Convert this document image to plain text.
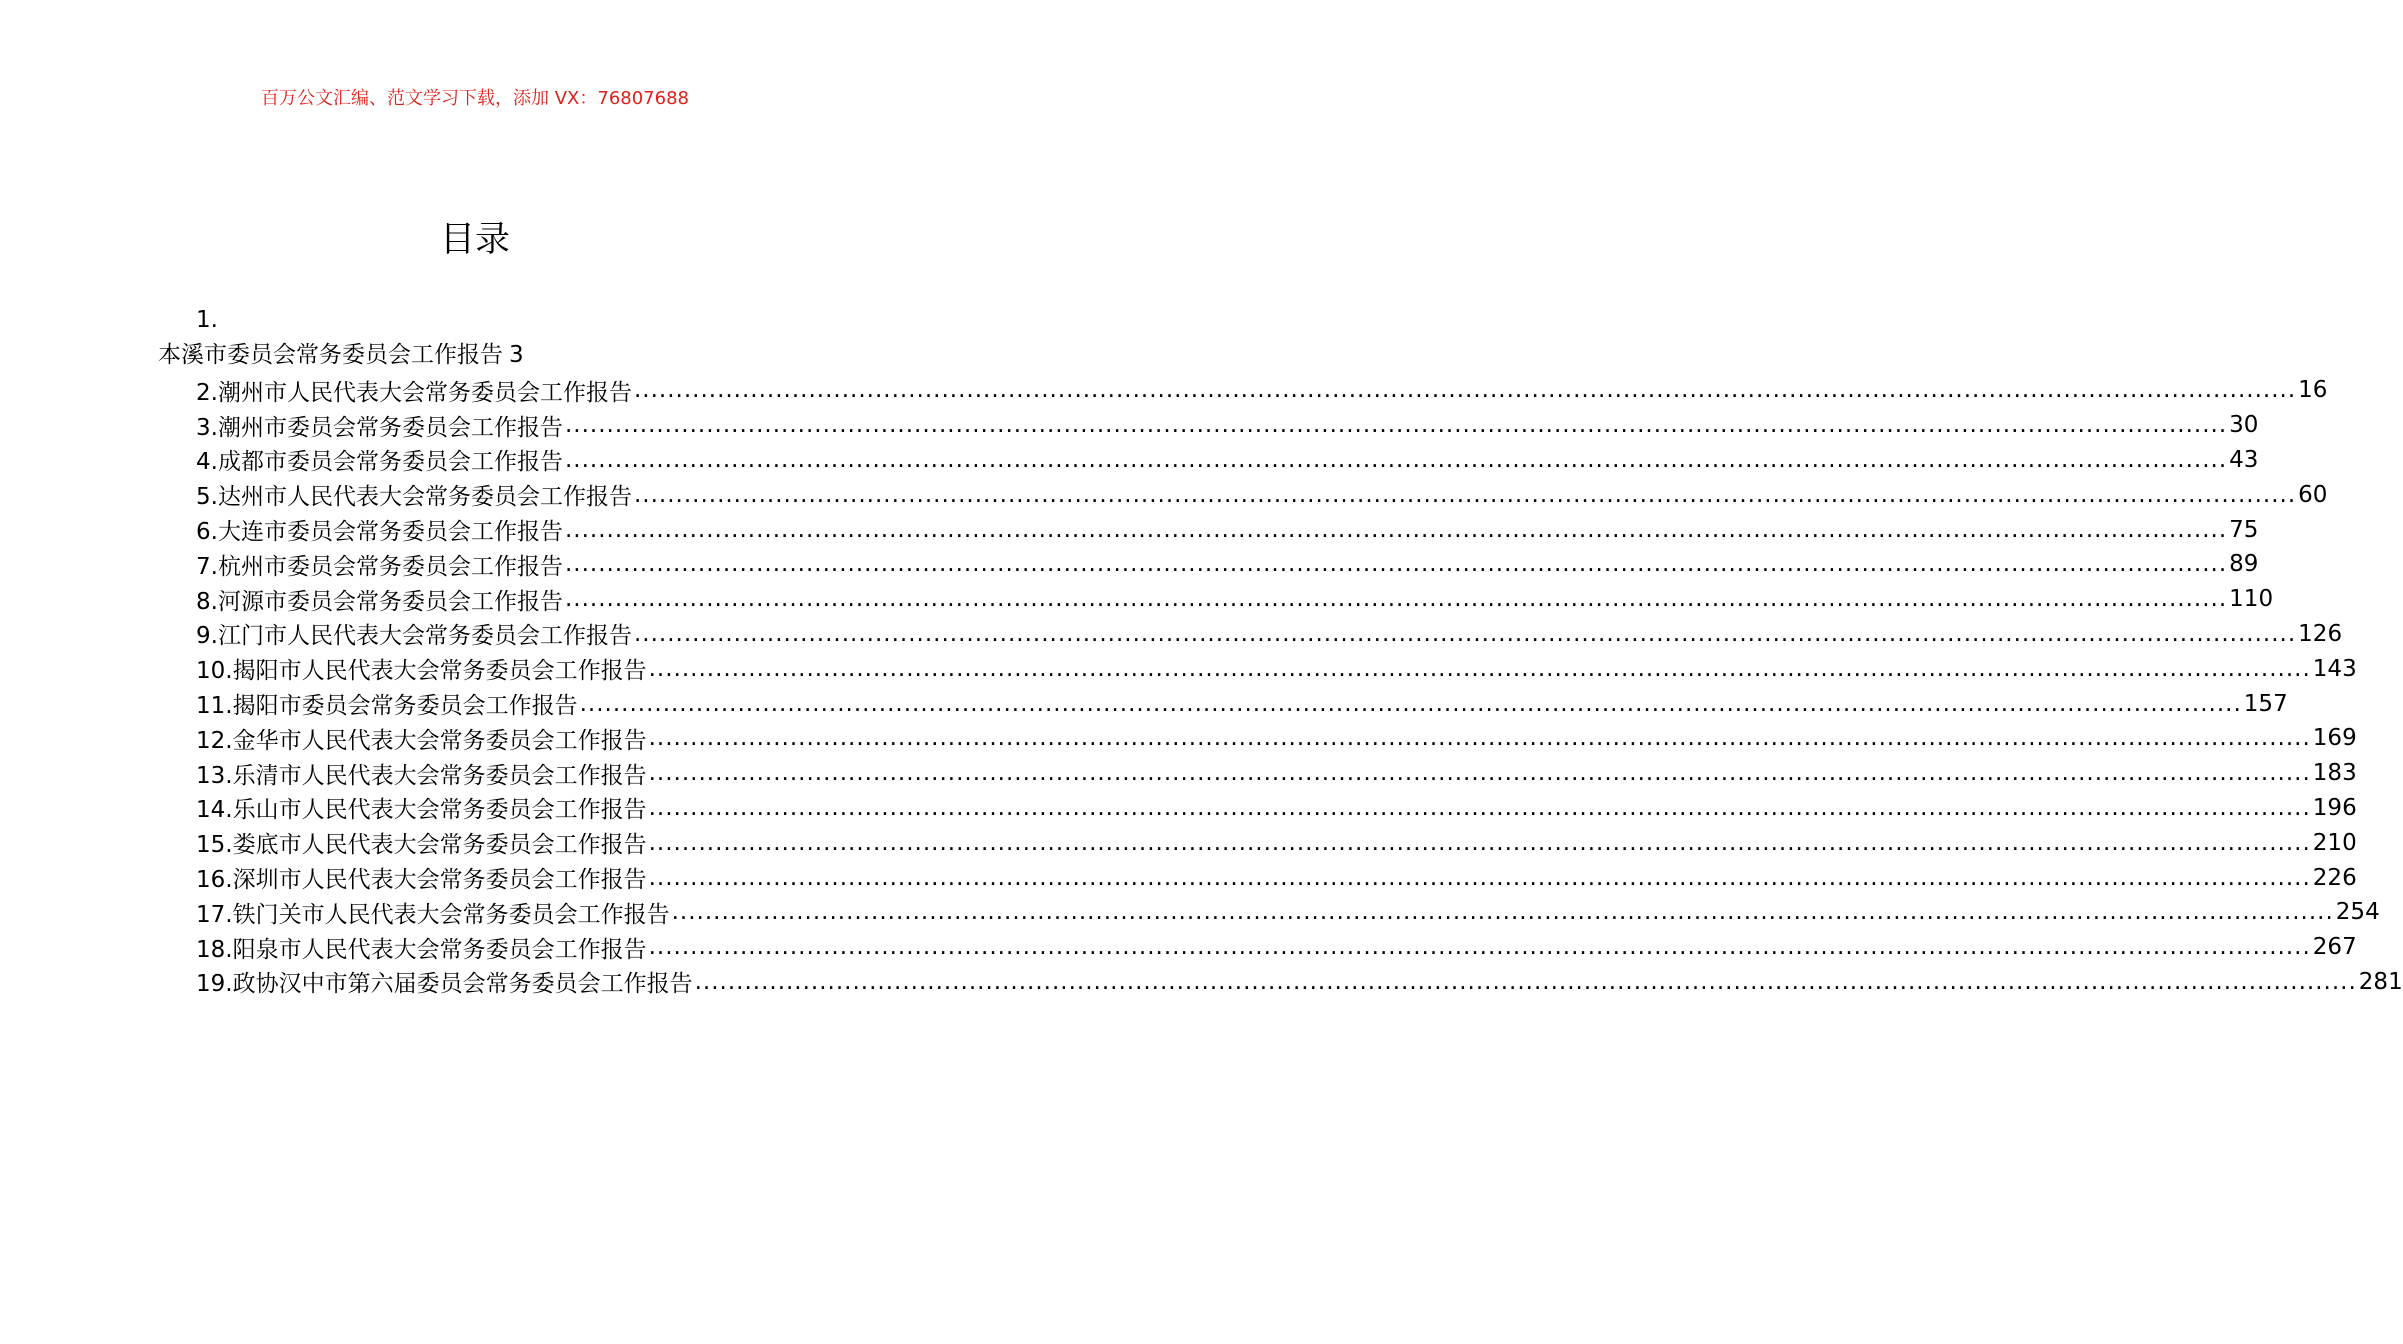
百万公文汇编、范文学习下载，添加 VX：76807688
目录
1.
本溪市委员会常务委员会工作报告 3
2.潮州市人民代表大会常务委员会工作报告 ........................................................................................................................................................................................................ 16
3.潮州市委员会常务委员会工作报告 ........................................................................................................................................................................................................ 30
4.成都市委员会常务委员会工作报告 ........................................................................................................................................................................................................ 43
5.达州市人民代表大会常务委员会工作报告 ........................................................................................................................................................................................................ 60
6.大连市委员会常务委员会工作报告 ........................................................................................................................................................................................................ 75
7.杭州市委员会常务委员会工作报告 ........................................................................................................................................................................................................ 89
8.河源市委员会常务委员会工作报告 ........................................................................................................................................................................................................ 110
9.江门市人民代表大会常务委员会工作报告 ........................................................................................................................................................................................................ 126
10.揭阳市人民代表大会常务委员会工作报告 ........................................................................................................................................................................................................ 143
11.揭阳市委员会常务委员会工作报告 ........................................................................................................................................................................................................ 157
12.金华市人民代表大会常务委员会工作报告 ........................................................................................................................................................................................................ 169
13.乐清市人民代表大会常务委员会工作报告 ........................................................................................................................................................................................................ 183
14.乐山市人民代表大会常务委员会工作报告 ........................................................................................................................................................................................................ 196
15.娄底市人民代表大会常务委员会工作报告 ........................................................................................................................................................................................................ 210
16.深圳市人民代表大会常务委员会工作报告 ........................................................................................................................................................................................................ 226
17.铁门关市人民代表大会常务委员会工作报告 ........................................................................................................................................................................................................ 254
18.阳泉市人民代表大会常务委员会工作报告 ........................................................................................................................................................................................................ 267
19.政协汉中市第六届委员会常务委员会工作报告 ........................................................................................................................................................................................................ 281
